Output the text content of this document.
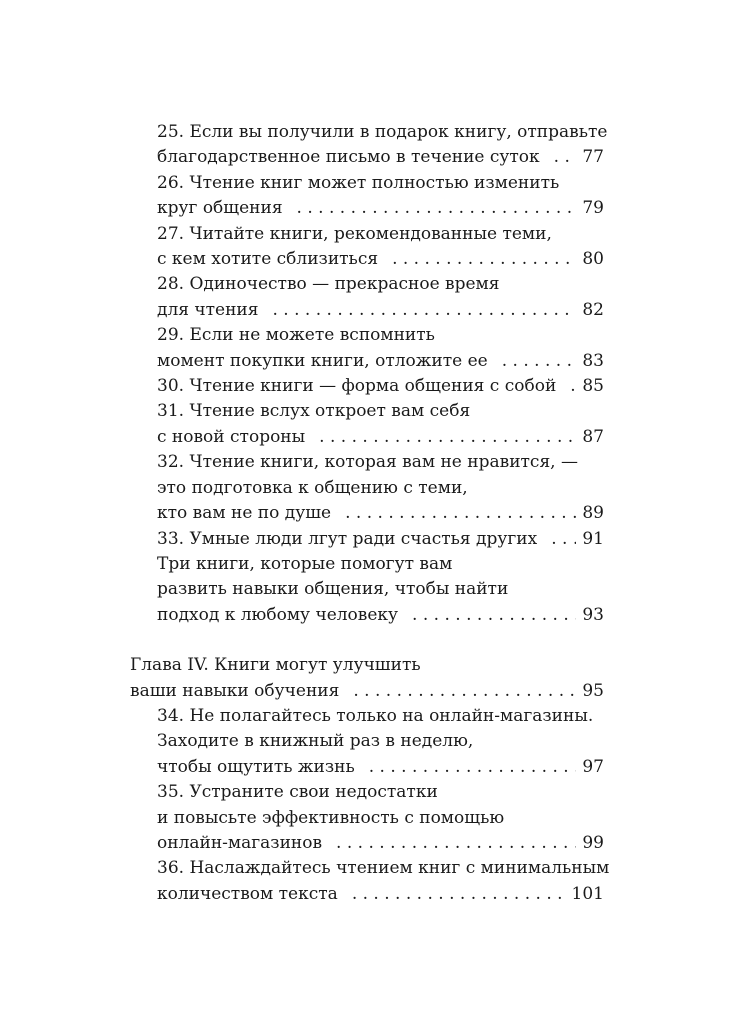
25. Если вы получили в подарок книгу, отправьте
благодарственное письмо в течение суток . . .	77
26. Чтение книг может полностью изменить
круг общения . . .	79
27. Читайте книги, рекомендованные теми,
с кем хотите сблизиться . . .	80
28. Одиночество — прекрасное время
для чтения . . .	82
29. Если не можете вспомнить
момент покупки книги, отложите ее . . .	83
30. Чтение книги — форма общения с собой . . . 85
31. Чтение вслух откроет вам себя
с новой стороны . . .	87
32. Чтение книги, которая вам не нравится, —
это подготовка к общению с теми,
кто вам не по душе . . .	89
33. Умные люди лгут ради счастья других . . .	91
Три книги, которые помогут вам
развить навыки общения, чтобы найти
подход к любому человеку . . .	93
Глава IV. Книги могут улучшить
ваши навыки обучения . . .	95
34. Не полагайтесь только на онлайн-магазины.
Заходите в книжный раз в неделю,
чтобы ощутить жизнь . . .	97
35. Устраните свои недостатки
и повысьте эффективность с помощью
онлайн-магазинов . . .	99
36. Наслаждайтесь чтением книг с минимальным
количеством текста . . .	101
